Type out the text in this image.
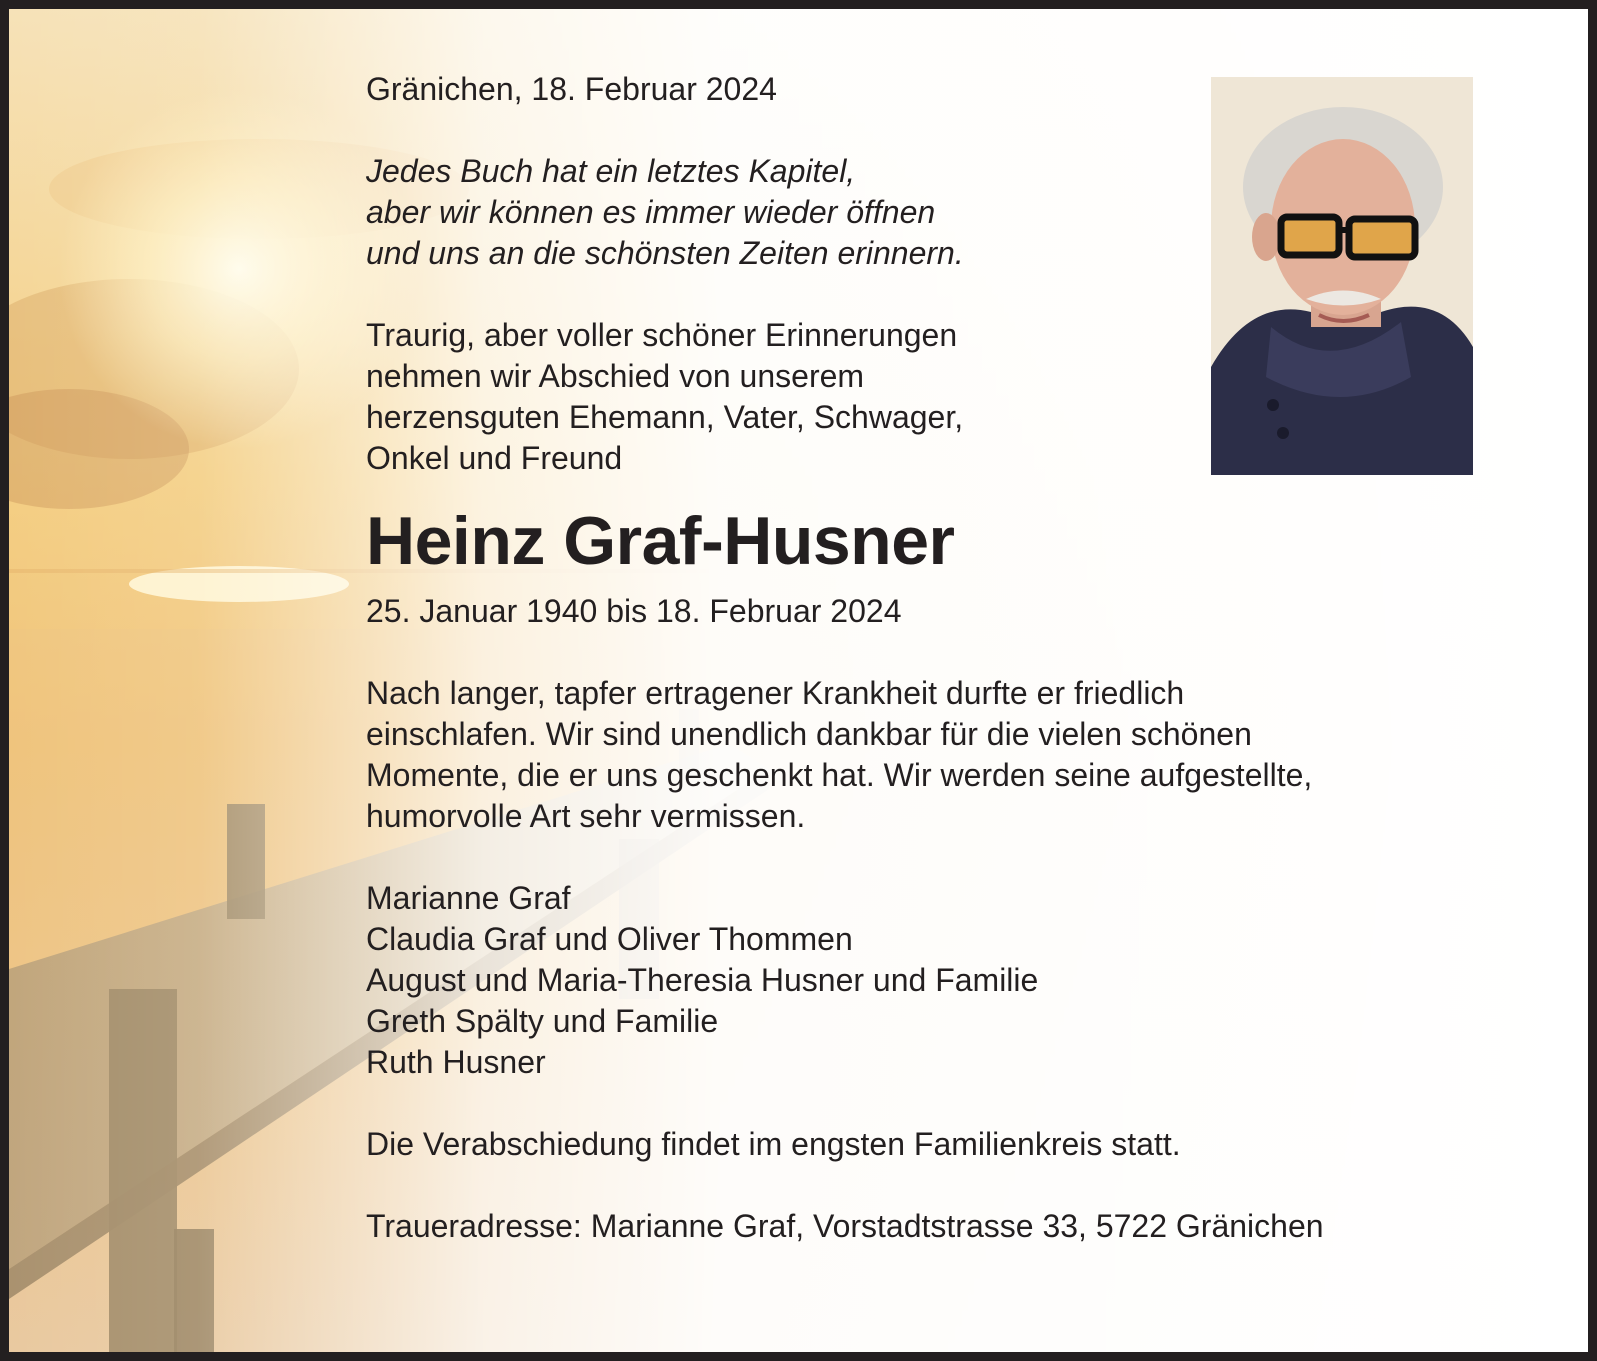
Gränichen, 18. Februar 2024

Jedes Buch hat ein letztes Kapitel,
aber wir können es immer wieder öffnen
und uns an die schönsten Zeiten erinnern.

Traurig, aber voller schöner Erinnerungen
nehmen wir Abschied von unserem
herzensguten Ehemann, Vater, Schwager,
Onkel und Freund

Heinz Graf-Husner

25. Januar 1940 bis 18. Februar 2024

Nach langer, tapfer ertragener Krankheit durfte er friedlich
einschlafen. Wir sind unendlich dankbar für die vielen schönen
Momente, die er uns geschenkt hat. Wir werden seine aufgestellte,
humorvolle Art sehr vermissen.

Marianne Graf
Claudia Graf und Oliver Thommen
August und Maria-Theresia Husner und Familie
Greth Spälty und Familie
Ruth Husner

Die Verabschiedung findet im engsten Familienkreis statt.

Traueradresse: Marianne Graf, Vorstadtstrasse 33, 5722 Gränichen
